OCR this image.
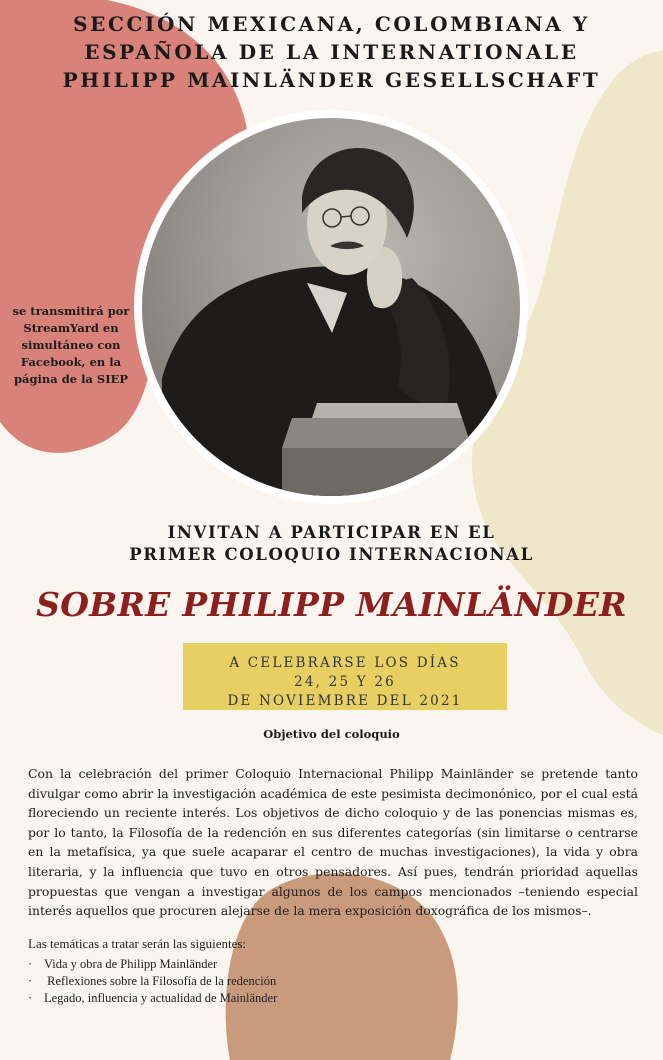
SECCIÓN MEXICANA, COLOMBIANA Y
ESPAÑOLA DE LA INTERNATIONALE
PHILIPP MAINLÄNDER GESELLSCHAFT
se transmitirá por
StreamYard en
simultáneo con
Facebook, en la
página de la SIEP
INVITAN A PARTICIPAR EN EL
PRIMER COLOQUIO INTERNACIONAL
SOBRE PHILIPP MAINLÄNDER
A CELEBRARSE LOS DÍAS
24, 25 Y 26
DE NOVIEMBRE DEL 2021
Objetivo del coloquio
Con la celebración del primer Coloquio Internacional Philipp Mainländer se pretende tanto divulgar como abrir la investigación académica de este pesimista decimonónico, por el cual está floreciendo un reciente interés. Los objetivos de dicho coloquio y de las ponencias mismas es, por lo tanto, la Filosofía de la redención en sus diferentes categorías (sin limitarse o centrarse en la metafísica, ya que suele acaparar el centro de muchas investigaciones), la vida y obra literaria, y la influencia que tuvo en otros pensadores. Así pues, tendrán prioridad aquellas propuestas que vengan a investigar algunos de los campos mencionados –teniendo especial interés aquellos que procuren alejarse de la mera exposición doxográfica de los mismos–.
Las temáticas a tratar serán las siguientes:
· Vida y obra de Philipp Mainländer
· Reflexiones sobre la Filosofía de la redención
· Legado, influencia y actualidad de Mainländer
